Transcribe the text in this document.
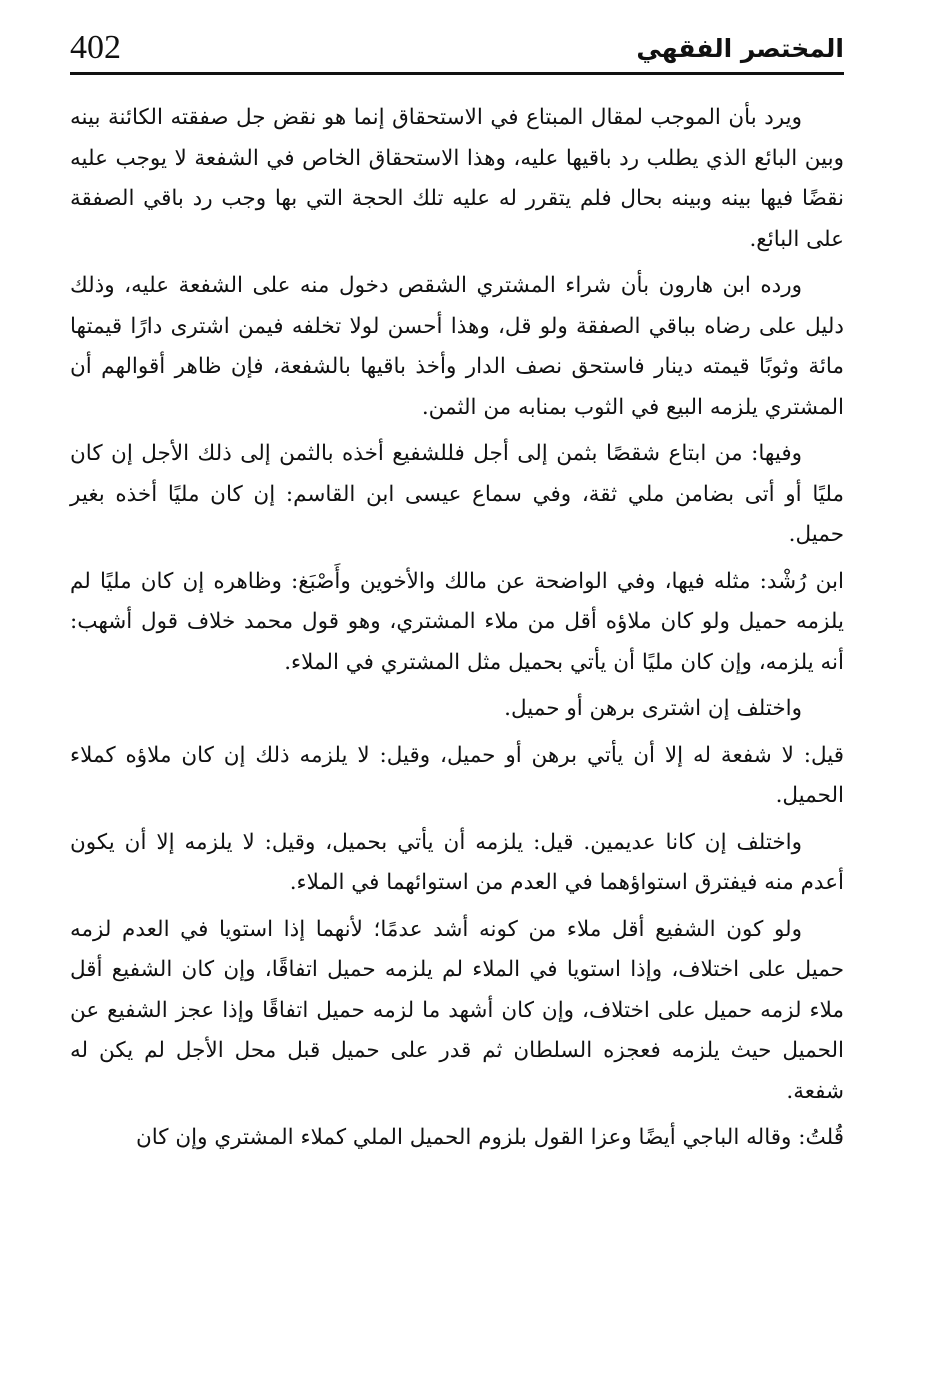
402	المختصر الفقهي

ويرد بأن الموجب لمقال المبتاع في الاستحقاق إنما هو نقض جل صفقته الكائنة بينه وبين البائع الذي يطلب رد باقيها عليه، وهذا الاستحقاق الخاص في الشفعة لا يوجب عليه نقضًا فيها بينه وبينه بحال فلم يتقرر له عليه تلك الحجة التي بها وجب رد باقي الصفقة على البائع.

ورده ابن هارون بأن شراء المشتري الشقص دخول منه على الشفعة عليه، وذلك دليل على رضاه بباقي الصفقة ولو قل، وهذا أحسن لولا تخلفه فيمن اشترى دارًا قيمتها مائة وثوبًا قيمته دينار فاستحق نصف الدار وأخذ باقيها بالشفعة، فإن ظاهر أقوالهم أن المشتري يلزمه البيع في الثوب بمنابه من الثمن.

وفيها: من ابتاع شقصًا بثمن إلى أجل فللشفيع أخذه بالثمن إلى ذلك الأجل إن كان مليًا أو أتى بضامن ملي ثقة، وفي سماع عيسى ابن القاسم: إن كان مليًا أخذه بغير حميل.

ابن رُشْد: مثله فيها، وفي الواضحة عن مالك والأخوين وأَصْبَغ: وظاهره إن كان مليًا لم يلزمه حميل ولو كان ملاؤه أقل من ملاء المشتري، وهو قول محمد خلاف قول أشهب: أنه يلزمه، وإن كان مليًا أن يأتي بحميل مثل المشتري في الملاء.

واختلف إن اشترى برهن أو حميل.

قيل: لا شفعة له إلا أن يأتي برهن أو حميل، وقيل: لا يلزمه ذلك إن كان ملاؤه كملاء الحميل.

واختلف إن كانا عديمين. قيل: يلزمه أن يأتي بحميل، وقيل: لا يلزمه إلا أن يكون أعدم منه فيفترق استواؤهما في العدم من استوائهما في الملاء.

ولو كون الشفيع أقل ملاء من كونه أشد عدمًا؛ لأنهما إذا استويا في العدم لزمه حميل على اختلاف، وإذا استويا في الملاء لم يلزمه حميل اتفاقًا، وإن كان الشفيع أقل ملاء لزمه حميل على اختلاف، وإن كان أشهد ما لزمه حميل اتفاقًا وإذا عجز الشفيع عن الحميل حيث يلزمه فعجزه السلطان ثم قدر على حميل قبل محل الأجل لم يكن له شفعة.

قُلتُ: وقاله الباجي أيضًا وعزا القول بلزوم الحميل الملي كملاء المشتري وإن كان
